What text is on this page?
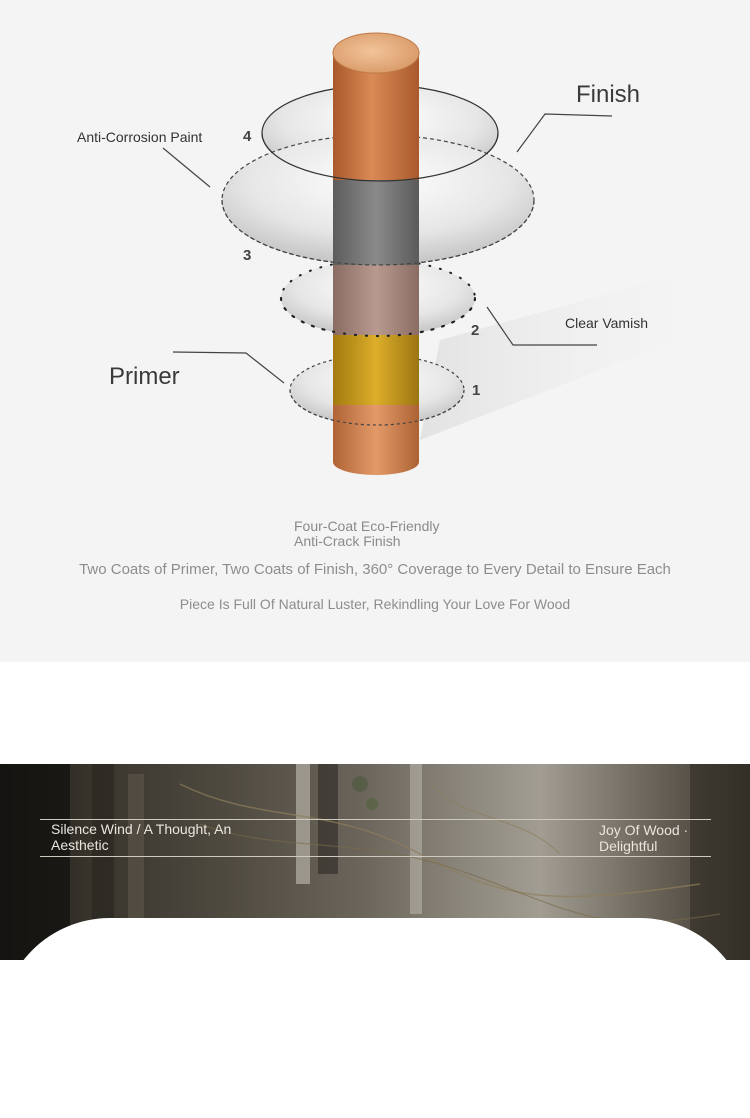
Finish
Anti-Corrosion Paint
Clear Vamish
Primer
4
3
2
1
Four-Coat Eco-Friendly
Anti-Crack Finish
Two Coats of Primer, Two Coats of Finish, 360° Coverage to Every Detail to Ensure Each
Piece Is Full Of Natural Luster, Rekindling Your Love For Wood
Silence Wind / A Thought, An Aesthetic
Joy Of Wood · Delightful
